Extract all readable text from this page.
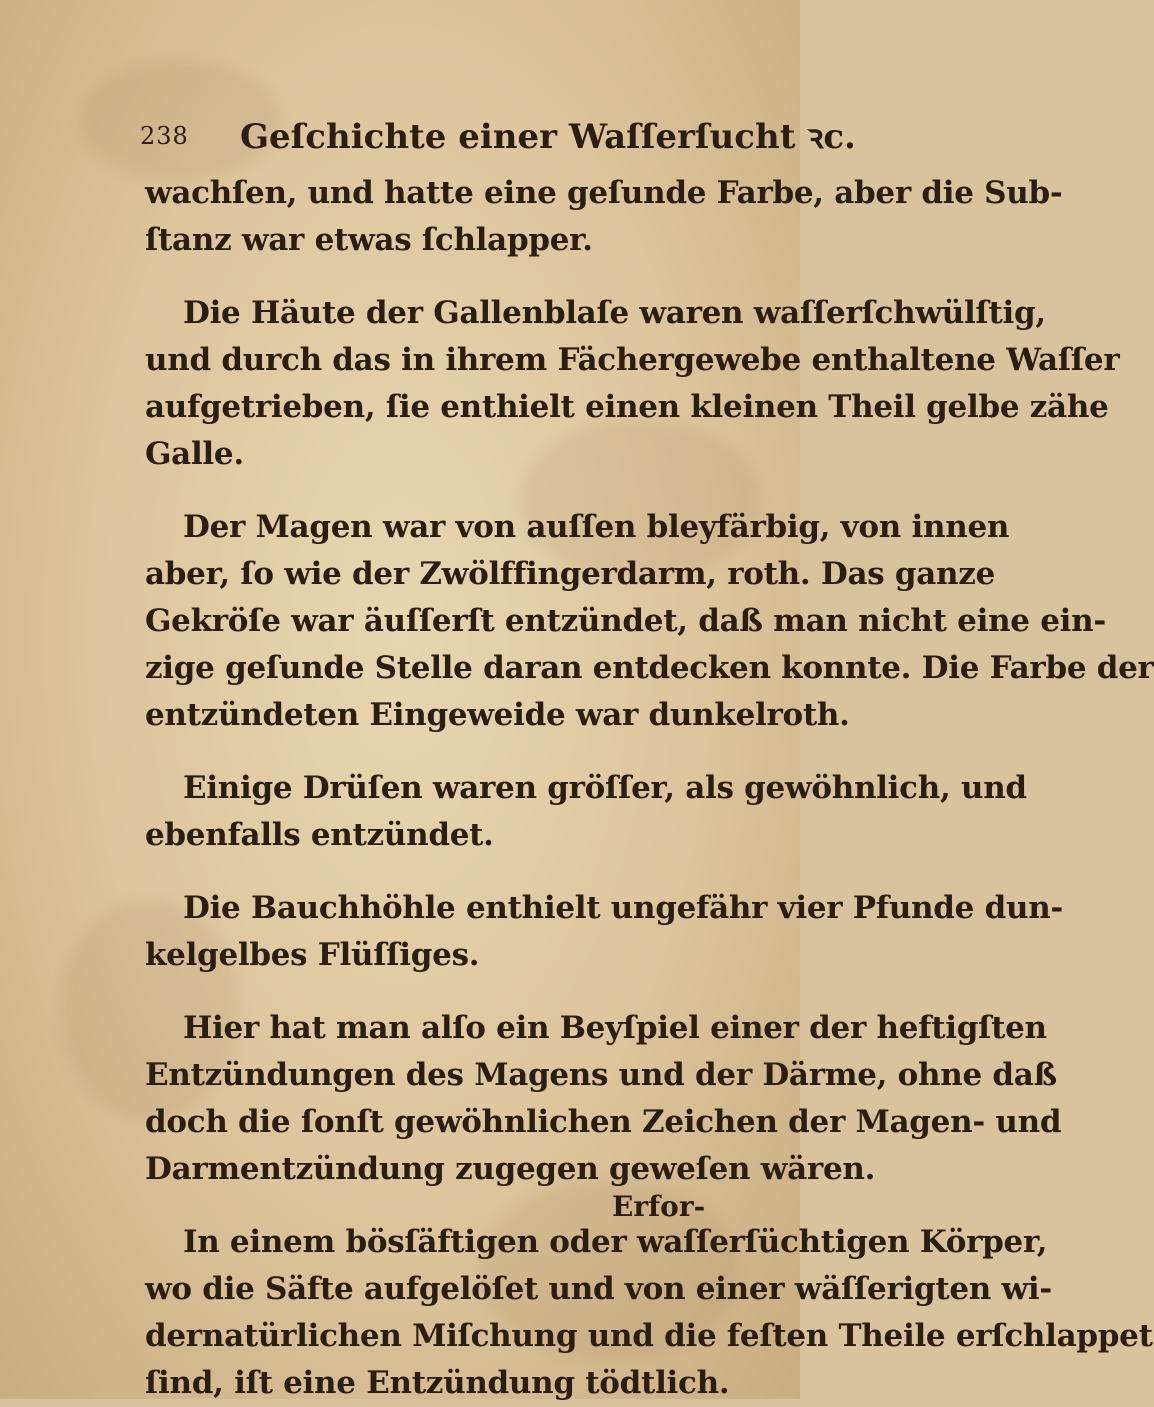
238 Geſchichte einer Waſſerſucht ꝛc.
wachſen, und hatte eine geſunde Farbe, aber die Sub-
ſtanz war etwas ſchlapper.
Die Häute der Gallenblaſe waren waſſerſchwülſtig,
und durch das in ihrem Fächergewebe enthaltene Waſſer
aufgetrieben, ſie enthielt einen kleinen Theil gelbe zähe
Galle.
Der Magen war von auſſen bleyfärbig, von innen
aber, ſo wie der Zwölffingerdarm, roth. Das ganze
Gekröſe war äuſſerſt entzündet, daß man nicht eine ein-
zige geſunde Stelle daran entdecken konnte. Die Farbe der
entzündeten Eingeweide war dunkelroth.
Einige Drüſen waren gröſſer, als gewöhnlich, und
ebenfalls entzündet.
Die Bauchhöhle enthielt ungefähr vier Pfunde dun-
kelgelbes Flüſſiges.
Hier hat man alſo ein Beyſpiel einer der heftigſten
Entzündungen des Magens und der Därme, ohne daß
doch die ſonſt gewöhnlichen Zeichen der Magen- und
Darmentzündung zugegen geweſen wären.
In einem bösſäftigen oder waſſerſüchtigen Körper,
wo die Säfte aufgelöſet und von einer wäſſerigten wi-
dernatürlichen Miſchung und die feſten Theile erſchlappet
ſind, iſt eine Entzündung tödtlich.
Erfor-
